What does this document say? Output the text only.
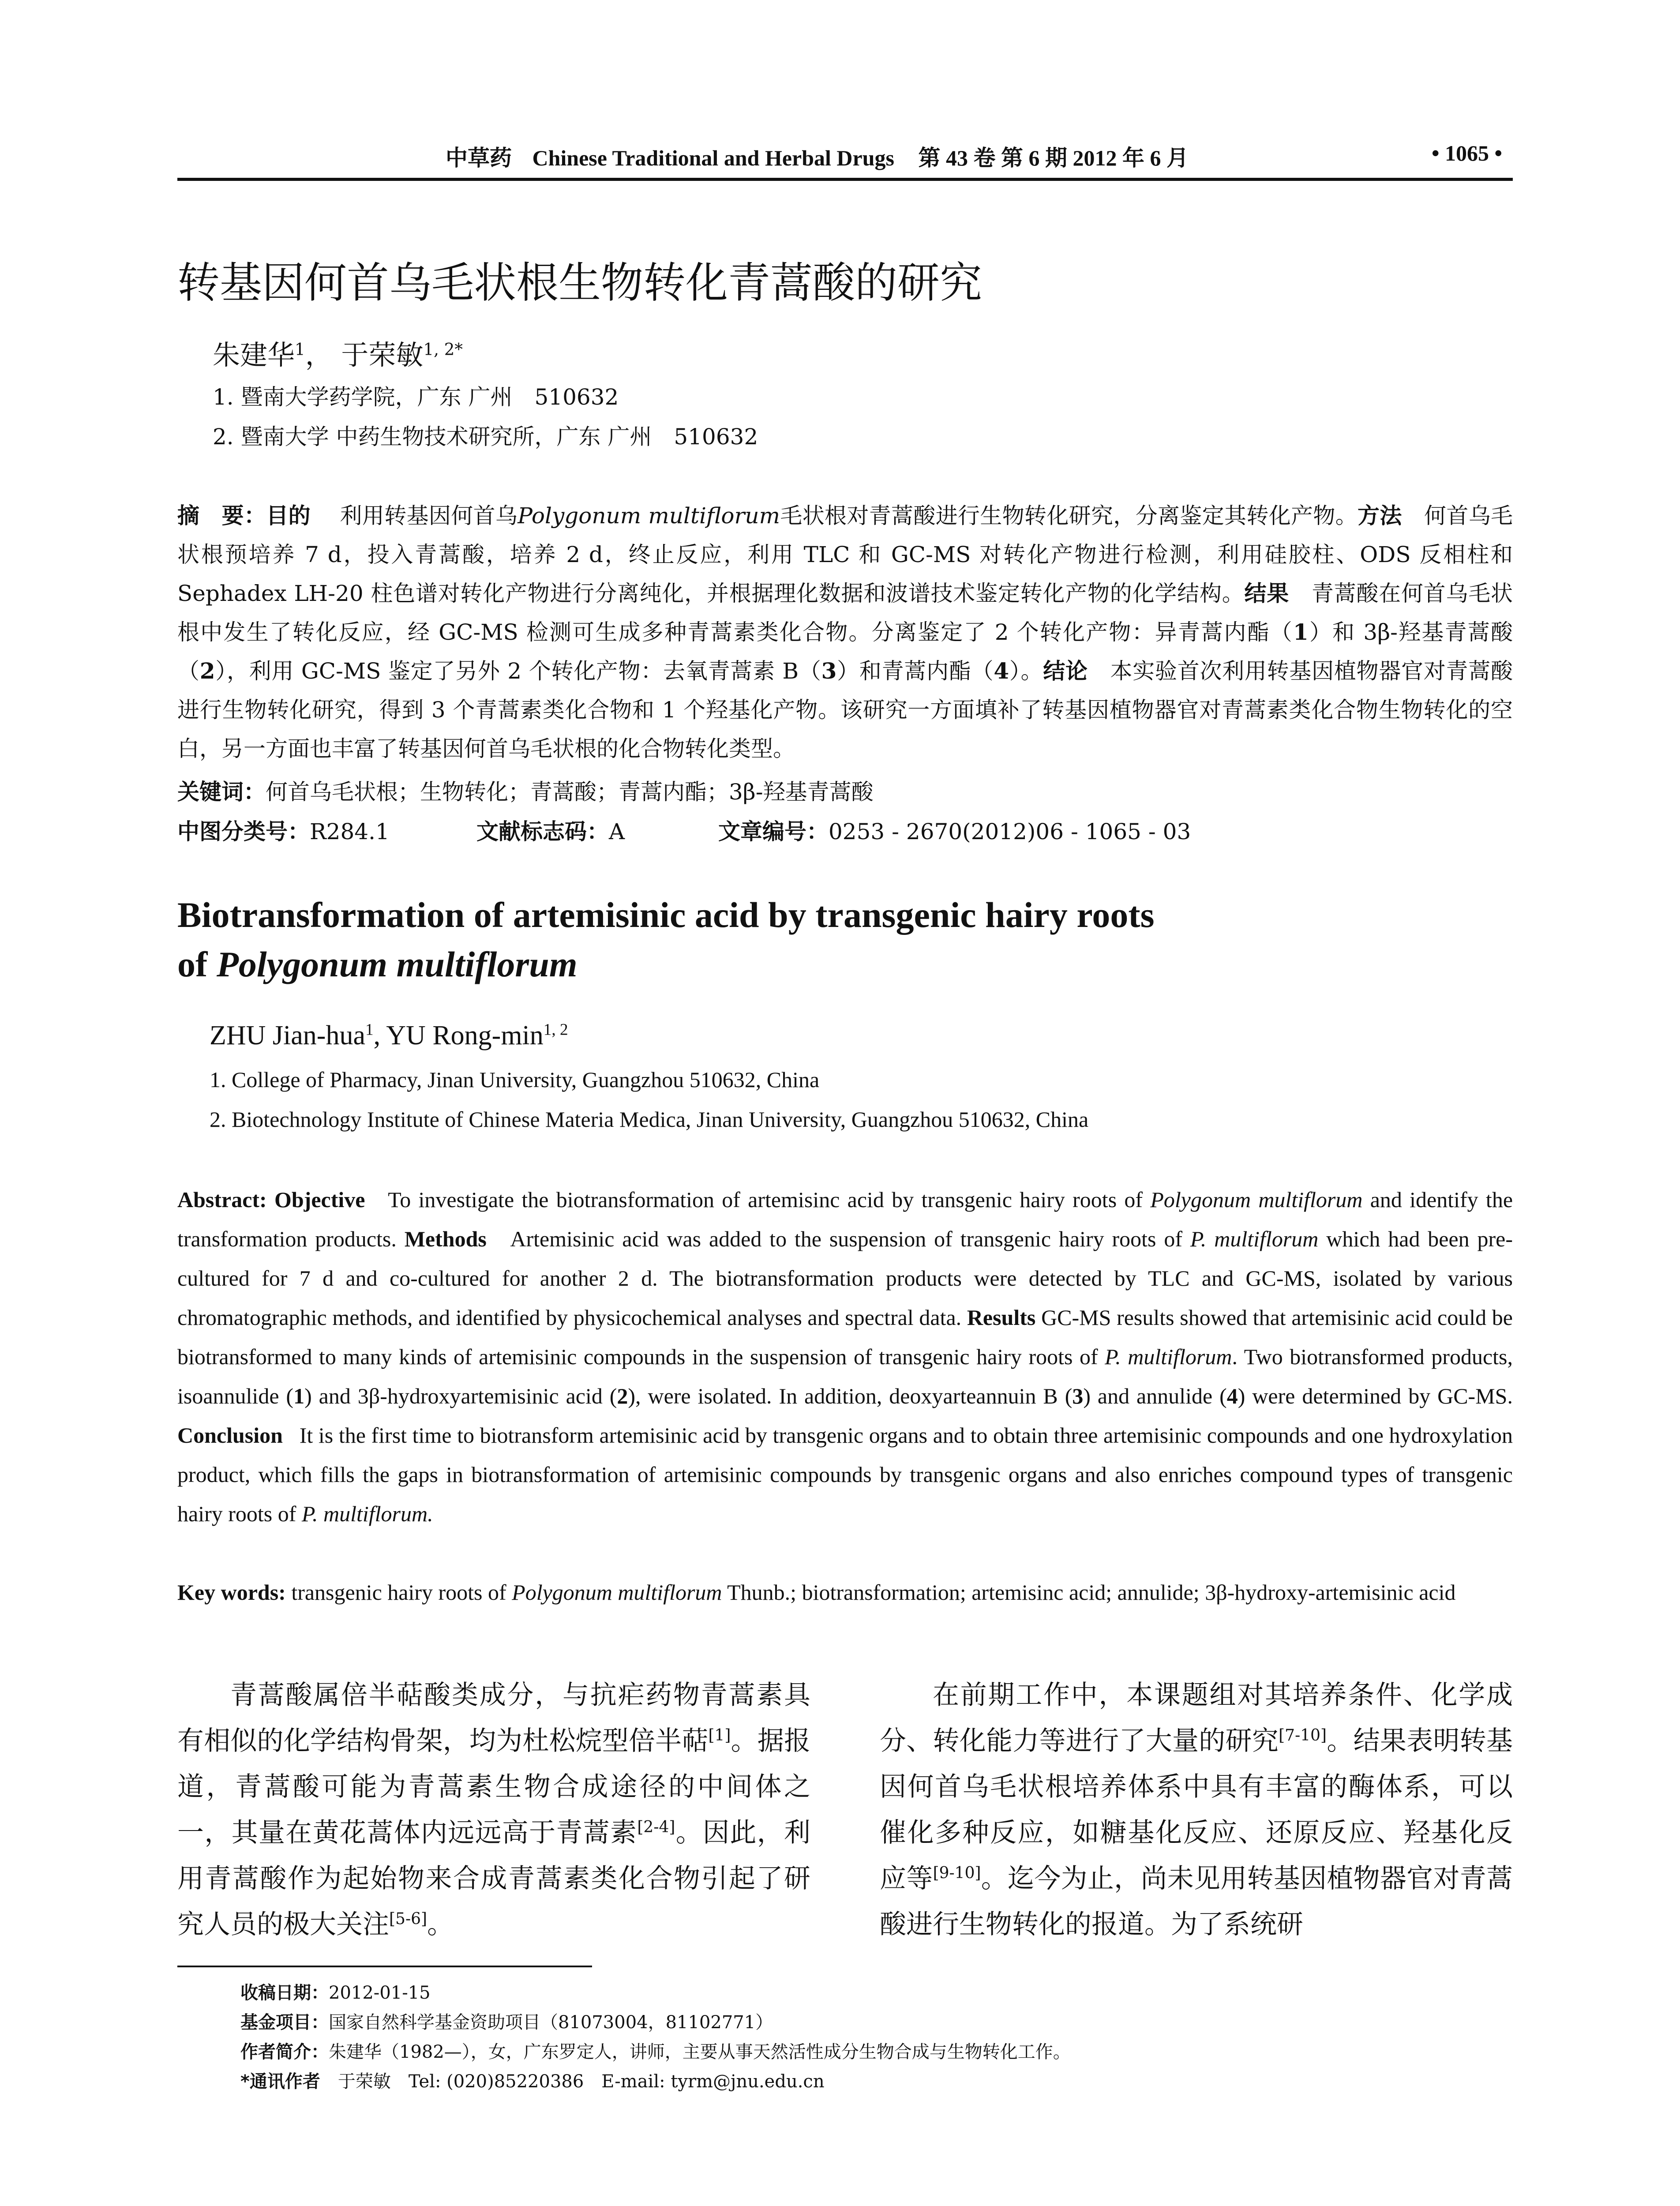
中草药 Chinese Traditional and Herbal Drugs 第 43 卷 第 6 期 2012 年 6 月	• 1065 •
转基因何首乌毛状根生物转化青蒿酸的研究
朱建华$^1$， 于荣敏$^{1, 2*}$
1. 暨南大学药学院，广东 广州　510632
2. 暨南大学 中药生物技术研究所，广东 广州　510632

摘　要：目的　 利用转基因何首乌Polygonum multiflorum毛状根对青蒿酸进行生物转化研究，分离鉴定其转化产物。方法　 何首乌毛状根预培养 7 d，投入青蒿酸，培养 2 d，终止反应，利用 TLC 和 GC-MS 对转化产物进行检测，利用硅胶柱、ODS 反相柱和 Sephadex LH-20 柱色谱对转化产物进行分离纯化，并根据理化数据和波谱技术鉴定转化产物的化学结构。结果　 青蒿酸在何首乌毛状根中发生了转化反应，经 GC-MS 检测可生成多种青蒿素类化合物。分离鉴定了 2 个转化产物：异青蒿内酯（1）和 3β-羟基青蒿酸（2），利用 GC-MS 鉴定了另外 2 个转化产物：去氧青蒿素 B（3）和青蒿内酯（4）。结论　 本实验首次利用转基因植物器官对青蒿酸进行生物转化研究，得到 3 个青蒿素类化合物和 1 个羟基化产物。该研究一方面填补了转基因植物器官对青蒿素类化合物生物转化的空白，另一方面也丰富了转基因何首乌毛状根的化合物转化类型。

关键词：何首乌毛状根；生物转化；青蒿酸；青蒿内酯；3β-羟基青蒿酸
中图分类号：R284.1	文献标志码：A	文章编号：0253 - 2670(2012)06 - 1065 - 03
Biotransformation of artemisinic acid by transgenic hairy roots
of Polygonum multiflorum
ZHU Jian-hua$^1$, YU Rong-$\min^{1, 2}$
1. College of Pharmacy, Jinan University, Guangzhou 510632, China
2. Biotechnology Institute of Chinese Materia Medica, Jinan University, Guangzhou 510632, China

Abstract: Objective To investigate the biotransformation of artemisinc acid by transgenic hairy roots of Polygonum multiflorum and identify the transformation products. Methods Artemisinic acid was added to the suspension of transgenic hairy roots of P. multiflorum which had been pre-cultured for 7 d and co-cultured for another 2 d. The biotransformation products were detected by TLC and GC-MS, isolated by various chromatographic methods, and identified by physicochemical analyses and spectral data. Results GC-MS results showed that artemisinic acid could be biotransformed to many kinds of artemisinic compounds in the suspension of transgenic hairy roots of P. multiflorum. Two biotransformed products, isoannulide (1) and 3β-hydroxyartemisinic acid (2), were isolated. In addition, deoxyarteannuin B (3) and annulide (4) were determined by GC-MS. Conclusion It is the first time to biotransform artemisinic acid by transgenic organs and to obtain three artemisinic compounds and one hydroxylation product, which fills the gaps in biotransformation of artemisinic compounds by transgenic organs and also enriches compound types of transgenic hairy roots of P. multiflorum.

Key words: transgenic hairy roots of Polygonum multiflorum Thunb.; biotransformation; artemisinc acid; annulide; 3β-hydroxy-artemisinic acid

青蒿酸属倍半萜酸类成分，与抗疟药物青蒿素具有相似的化学结构骨架，均为杜松烷型倍半萜[1]。据报道，青蒿酸可能为青蒿素生物合成途径的中间体之一，其量在黄花蒿体内远远高于青蒿素[2-4]。因此，利用青蒿酸作为起始物来合成青蒿素类化合物引起了研究人员的极大关注[5-6]。

在前期工作中，本课题组对其培养条件、化学成分、转化能力等进行了大量的研究[7-10]。结果表明转基因何首乌毛状根培养体系中具有丰富的酶体系，可以催化多种反应，如糖基化反应、还原反应、羟基化反应等[9-10]。迄今为止，尚未见用转基因植物器官对青蒿酸进行生物转化的报道。为了系统研

收稿日期：2012-01-15
基金项目：国家自然科学基金资助项目（81073004，81102771）
作者简介：朱建华（1982—），女，广东罗定人，讲师，主要从事天然活性成分生物合成与生物转化工作。
*通讯作者　于荣敏　Tel: (020)85220386　E-mail: tyrm@jnu.edu.cn
